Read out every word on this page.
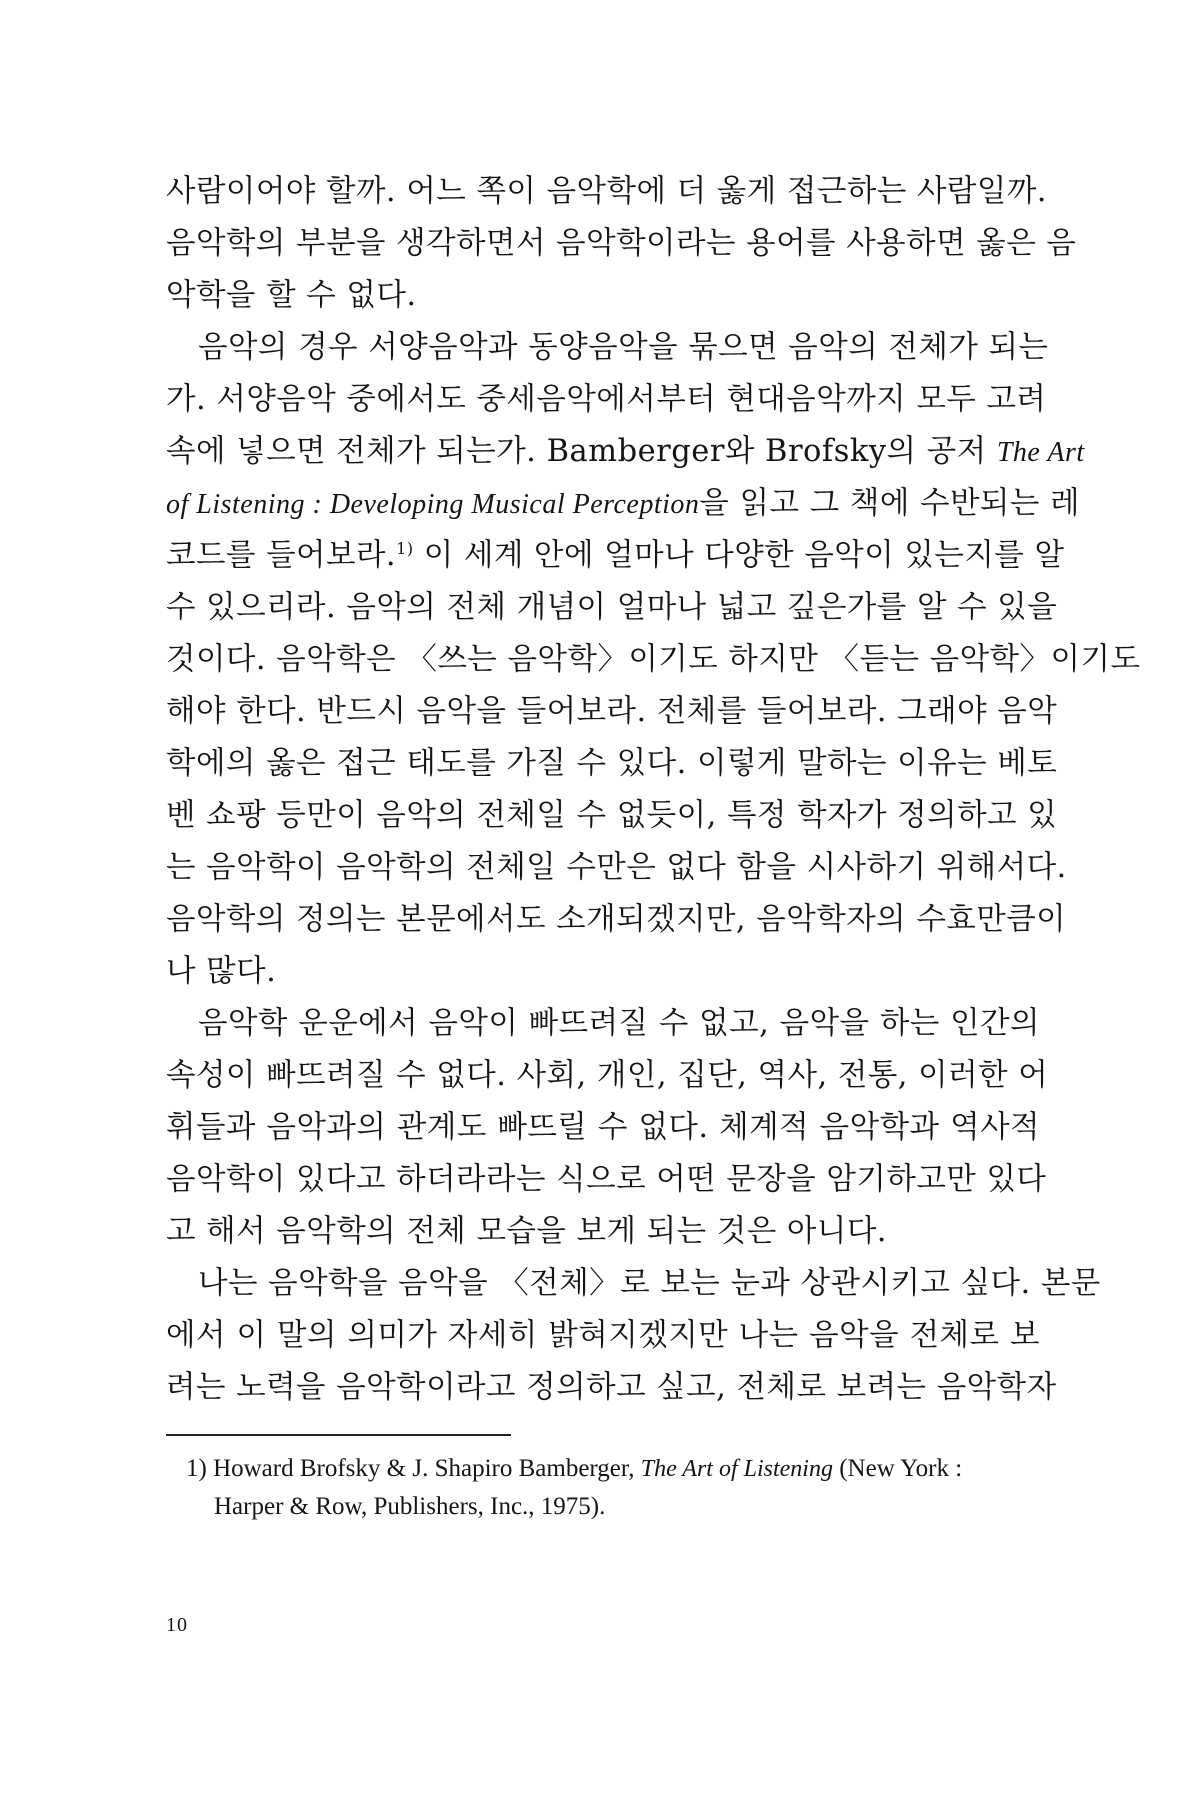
사람이어야 할까. 어느 쪽이 음악학에 더 옳게 접근하는 사람일까.
음악학의 부분을 생각하면서 음악학이라는 용어를 사용하면 옳은 음
악학을 할 수 없다.
음악의 경우 서양음악과 동양음악을 묶으면 음악의 전체가 되는
가. 서양음악 중에서도 중세음악에서부터 현대음악까지 모두 고려
속에 넣으면 전체가 되는가. Bamberger와 Brofsky의 공저 The Art
of Listening : Developing Musical Perception을 읽고 그 책에 수반되는 레
코드를 들어보라.$^{1)}$ 이 세계 안에 얼마나 다양한 음악이 있는지를 알
수 있으리라. 음악의 전체 개념이 얼마나 넓고 깊은가를 알 수 있을
것이다. 음악학은 〈쓰는 음악학〉이기도 하지만 〈듣는 음악학〉이기도
해야 한다. 반드시 음악을 들어보라. 전체를 들어보라. 그래야 음악
학에의 옳은 접근 태도를 가질 수 있다. 이렇게 말하는 이유는 베토
벤 쇼팡 등만이 음악의 전체일 수 없듯이, 특정 학자가 정의하고 있
는 음악학이 음악학의 전체일 수만은 없다 함을 시사하기 위해서다.
음악학의 정의는 본문에서도 소개되겠지만, 음악학자의 수효만큼이
나 많다.
음악학 운운에서 음악이 빠뜨려질 수 없고, 음악을 하는 인간의
속성이 빠뜨려질 수 없다. 사회, 개인, 집단, 역사, 전통, 이러한 어
휘들과 음악과의 관계도 빠뜨릴 수 없다. 체계적 음악학과 역사적
음악학이 있다고 하더라라는 식으로 어떤 문장을 암기하고만 있다
고 해서 음악학의 전체 모습을 보게 되는 것은 아니다.
나는 음악학을 음악을 〈전체〉로 보는 눈과 상관시키고 싶다. 본문
에서 이 말의 의미가 자세히 밝혀지겠지만 나는 음악을 전체로 보
려는 노력을 음악학이라고 정의하고 싶고, 전체로 보려는 음악학자
1) Howard Brofsky & J. Shapiro Bamberger, The Art of Listening (New York :
Harper & Row, Publishers, Inc., 1975).
10
